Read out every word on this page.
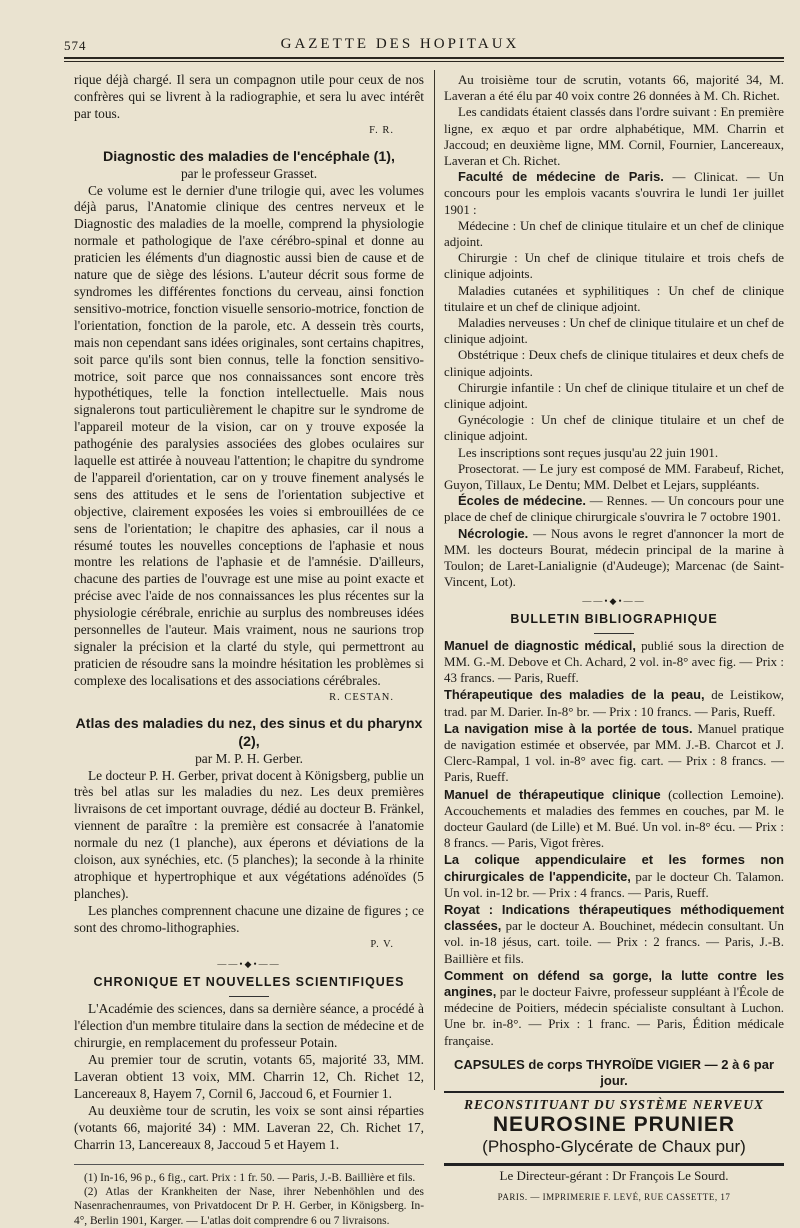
574	GAZETTE DES HOPITAUX

rique déjà chargé. Il sera un compagnon utile pour ceux de nos confrères qui se livrent à la radiographie, et sera lu avec intérêt par tous.

F. R.

Diagnostic des maladies de l'encéphale (1),
par le professeur Grasset.

Ce volume est le dernier d'une trilogie qui, avec les volumes déjà parus, l'Anatomie clinique des centres nerveux et le Diagnostic des maladies de la moelle, comprend la physiologie normale et pathologique de l'axe cérébro-spinal et donne au praticien les éléments d'un diagnostic aussi bien de cause et de nature que de siège des lésions. L'auteur décrit sous forme de syndromes les différentes fonctions du cerveau, ainsi fonction sensitivo-motrice, fonction visuelle sensorio-motrice, fonction de l'orientation, fonction de la parole, etc. A dessein très courts, mais non cependant sans idées originales, sont certains chapitres, soit parce qu'ils sont bien connus, telle la fonction sensitivo-motrice, soit parce que nos connaissances sont encore très hypothétiques, telle la fonction intellectuelle. Mais nous signalerons tout particulièrement le chapitre sur le syndrome de l'appareil moteur de la vision, car on y trouve exposée la pathogénie des paralysies associées des globes oculaires sur laquelle est attirée à nouveau l'attention; le chapitre du syndrome de l'appareil d'orientation, car on y trouve finement analysés le sens des attitudes et le sens de l'orientation subjective et objective, clairement exposées les voies si embrouillées de ce sens de l'orientation; le chapitre des aphasies, car il nous a résumé toutes les nouvelles conceptions de l'aphasie et nous montre les relations de l'aphasie et de l'amnésie. D'ailleurs, chacune des parties de l'ouvrage est une mise au point exacte et précise avec l'aide de nos connaissances les plus récentes sur la physiologie cérébrale, enrichie au surplus des nombreuses idées personnelles de l'auteur. Mais vraiment, nous ne saurions trop signaler la précision et la clarté du style, qui permettront au praticien de résoudre sans la moindre hésitation les problèmes si complexe des localisations et des associations cérébrales.

R. CESTAN.

Atlas des maladies du nez, des sinus et du pharynx (2),
par M. P. H. Gerber.

Le docteur P. H. Gerber, privat docent à Königsberg, publie un très bel atlas sur les maladies du nez. Les deux premières livraisons de cet important ouvrage, dédié au docteur B. Fränkel, viennent de paraître : la première est consacrée à l'anatomie normale du nez (1 planche), aux éperons et déviations de la cloison, aux synéchies, etc. (5 planches); la seconde à la rhinite atrophique et hypertrophique et aux végétations adénoïdes (5 planches).

Les planches comprennent chacune une dizaine de figures ; ce sont des chromo-lithographies.

P. V.

——•◆•——
CHRONIQUE ET NOUVELLES SCIENTIFIQUES

L'Académie des sciences, dans sa dernière séance, a procédé à l'élection d'un membre titulaire dans la section de médecine et de chirurgie, en remplacement du professeur Potain.

Au premier tour de scrutin, votants 65, majorité 33, MM. Laveran obtient 13 voix, MM. Charrin 12, Ch. Richet 12, Lancereaux 8, Hayem 7, Cornil 6, Jaccoud 6, et Fournier 1.

Au deuxième tour de scrutin, les voix se sont ainsi réparties (votants 66, majorité 34) : MM. Laveran 22, Ch. Richet 17, Charrin 13, Lancereaux 8, Jaccoud 5 et Hayem 1.

(1) In-16, 96 p., 6 fig., cart. Prix : 1 fr. 50. — Paris, J.-B. Baillière et fils.

(2) Atlas der Krankheiten der Nase, ihrer Nebenhöhlen und des Nasenrachenraumes, von Privatdocent Dr P. H. Gerber, in Königsberg. In-4°, Berlin 1901, Karger. — L'atlas doit comprendre 6 ou 7 livraisons.

Au troisième tour de scrutin, votants 66, majorité 34, M. Laveran a été élu par 40 voix contre 26 données à M. Ch. Richet.

Les candidats étaient classés dans l'ordre suivant : En première ligne, ex æquo et par ordre alphabétique, MM. Charrin et Jaccoud; en deuxième ligne, MM. Cornil, Fournier, Lancereaux, Laveran et Ch. Richet.

Faculté de médecine de Paris. — Clinicat. — Un concours pour les emplois vacants s'ouvrira le lundi 1er juillet 1901 :

Médecine : Un chef de clinique titulaire et un chef de clinique adjoint.

Chirurgie : Un chef de clinique titulaire et trois chefs de clinique adjoints.

Maladies cutanées et syphilitiques : Un chef de clinique titulaire et un chef de clinique adjoint.

Maladies nerveuses : Un chef de clinique titulaire et un chef de clinique adjoint.

Obstétrique : Deux chefs de clinique titulaires et deux chefs de clinique adjoints.

Chirurgie infantile : Un chef de clinique titulaire et un chef de clinique adjoint.

Gynécologie : Un chef de clinique titulaire et un chef de clinique adjoint.

Les inscriptions sont reçues jusqu'au 22 juin 1901.

Prosectorat. — Le jury est composé de MM. Farabeuf, Richet, Guyon, Tillaux, Le Dentu; MM. Delbet et Lejars, suppléants.

Écoles de médecine. — Rennes. — Un concours pour une place de chef de clinique chirurgicale s'ouvrira le 7 octobre 1901.

Nécrologie. — Nous avons le regret d'annoncer la mort de MM. les docteurs Bourat, médecin principal de la marine à Toulon; de Laret-Lanialignie (d'Audeuge); Marcenac (de Saint-Vincent, Lot).

——•◆•——
BULLETIN BIBLIOGRAPHIQUE

Manuel de diagnostic médical, publié sous la direction de MM. G.-M. Debove et Ch. Achard, 2 vol. in-8° avec fig. — Prix : 43 francs. — Paris, Rueff.

Thérapeutique des maladies de la peau, de Leistikow, trad. par M. Darier. In-8° br. — Prix : 10 francs. — Paris, Rueff.

La navigation mise à la portée de tous. Manuel pratique de navigation estimée et observée, par MM. J.-B. Charcot et J. Clerc-Rampal, 1 vol. in-8° avec fig. cart. — Prix : 8 francs. — Paris, Rueff.

Manuel de thérapeutique clinique (collection Lemoine). Accouchements et maladies des femmes en couches, par M. le docteur Gaulard (de Lille) et M. Bué. Un vol. in-8° écu. — Prix : 8 francs. — Paris, Vigot frères.

La colique appendiculaire et les formes non chirurgicales de l'appendicite, par le docteur Ch. Talamon. Un vol. in-12 br. — Prix : 4 francs. — Paris, Rueff.

Royat : Indications thérapeutiques méthodiquement classées, par le docteur A. Bouchinet, médecin consultant. Un vol. in-18 jésus, cart. toile. — Prix : 2 francs. — Paris, J.-B. Baillière et fils.

Comment on défend sa gorge, la lutte contre les angines, par le docteur Faivre, professeur suppléant à l'École de médecine de Poitiers, médecin spécialiste consultant à Luchon. Une br. in-8°. — Prix : 1 franc. — Paris, Édition médicale française.

CAPSULES de corps THYROÏDE VIGIER — 2 à 6 par jour.
RECONSTITUANT DU SYSTÈME NERVEUX
NEUROSINE PRUNIER
(Phospho-Glycérate de Chaux pur)
Le Directeur-gérant : Dr François Le Sourd.
PARIS. — IMPRIMERIE F. LEVÉ, RUE CASSETTE, 17
